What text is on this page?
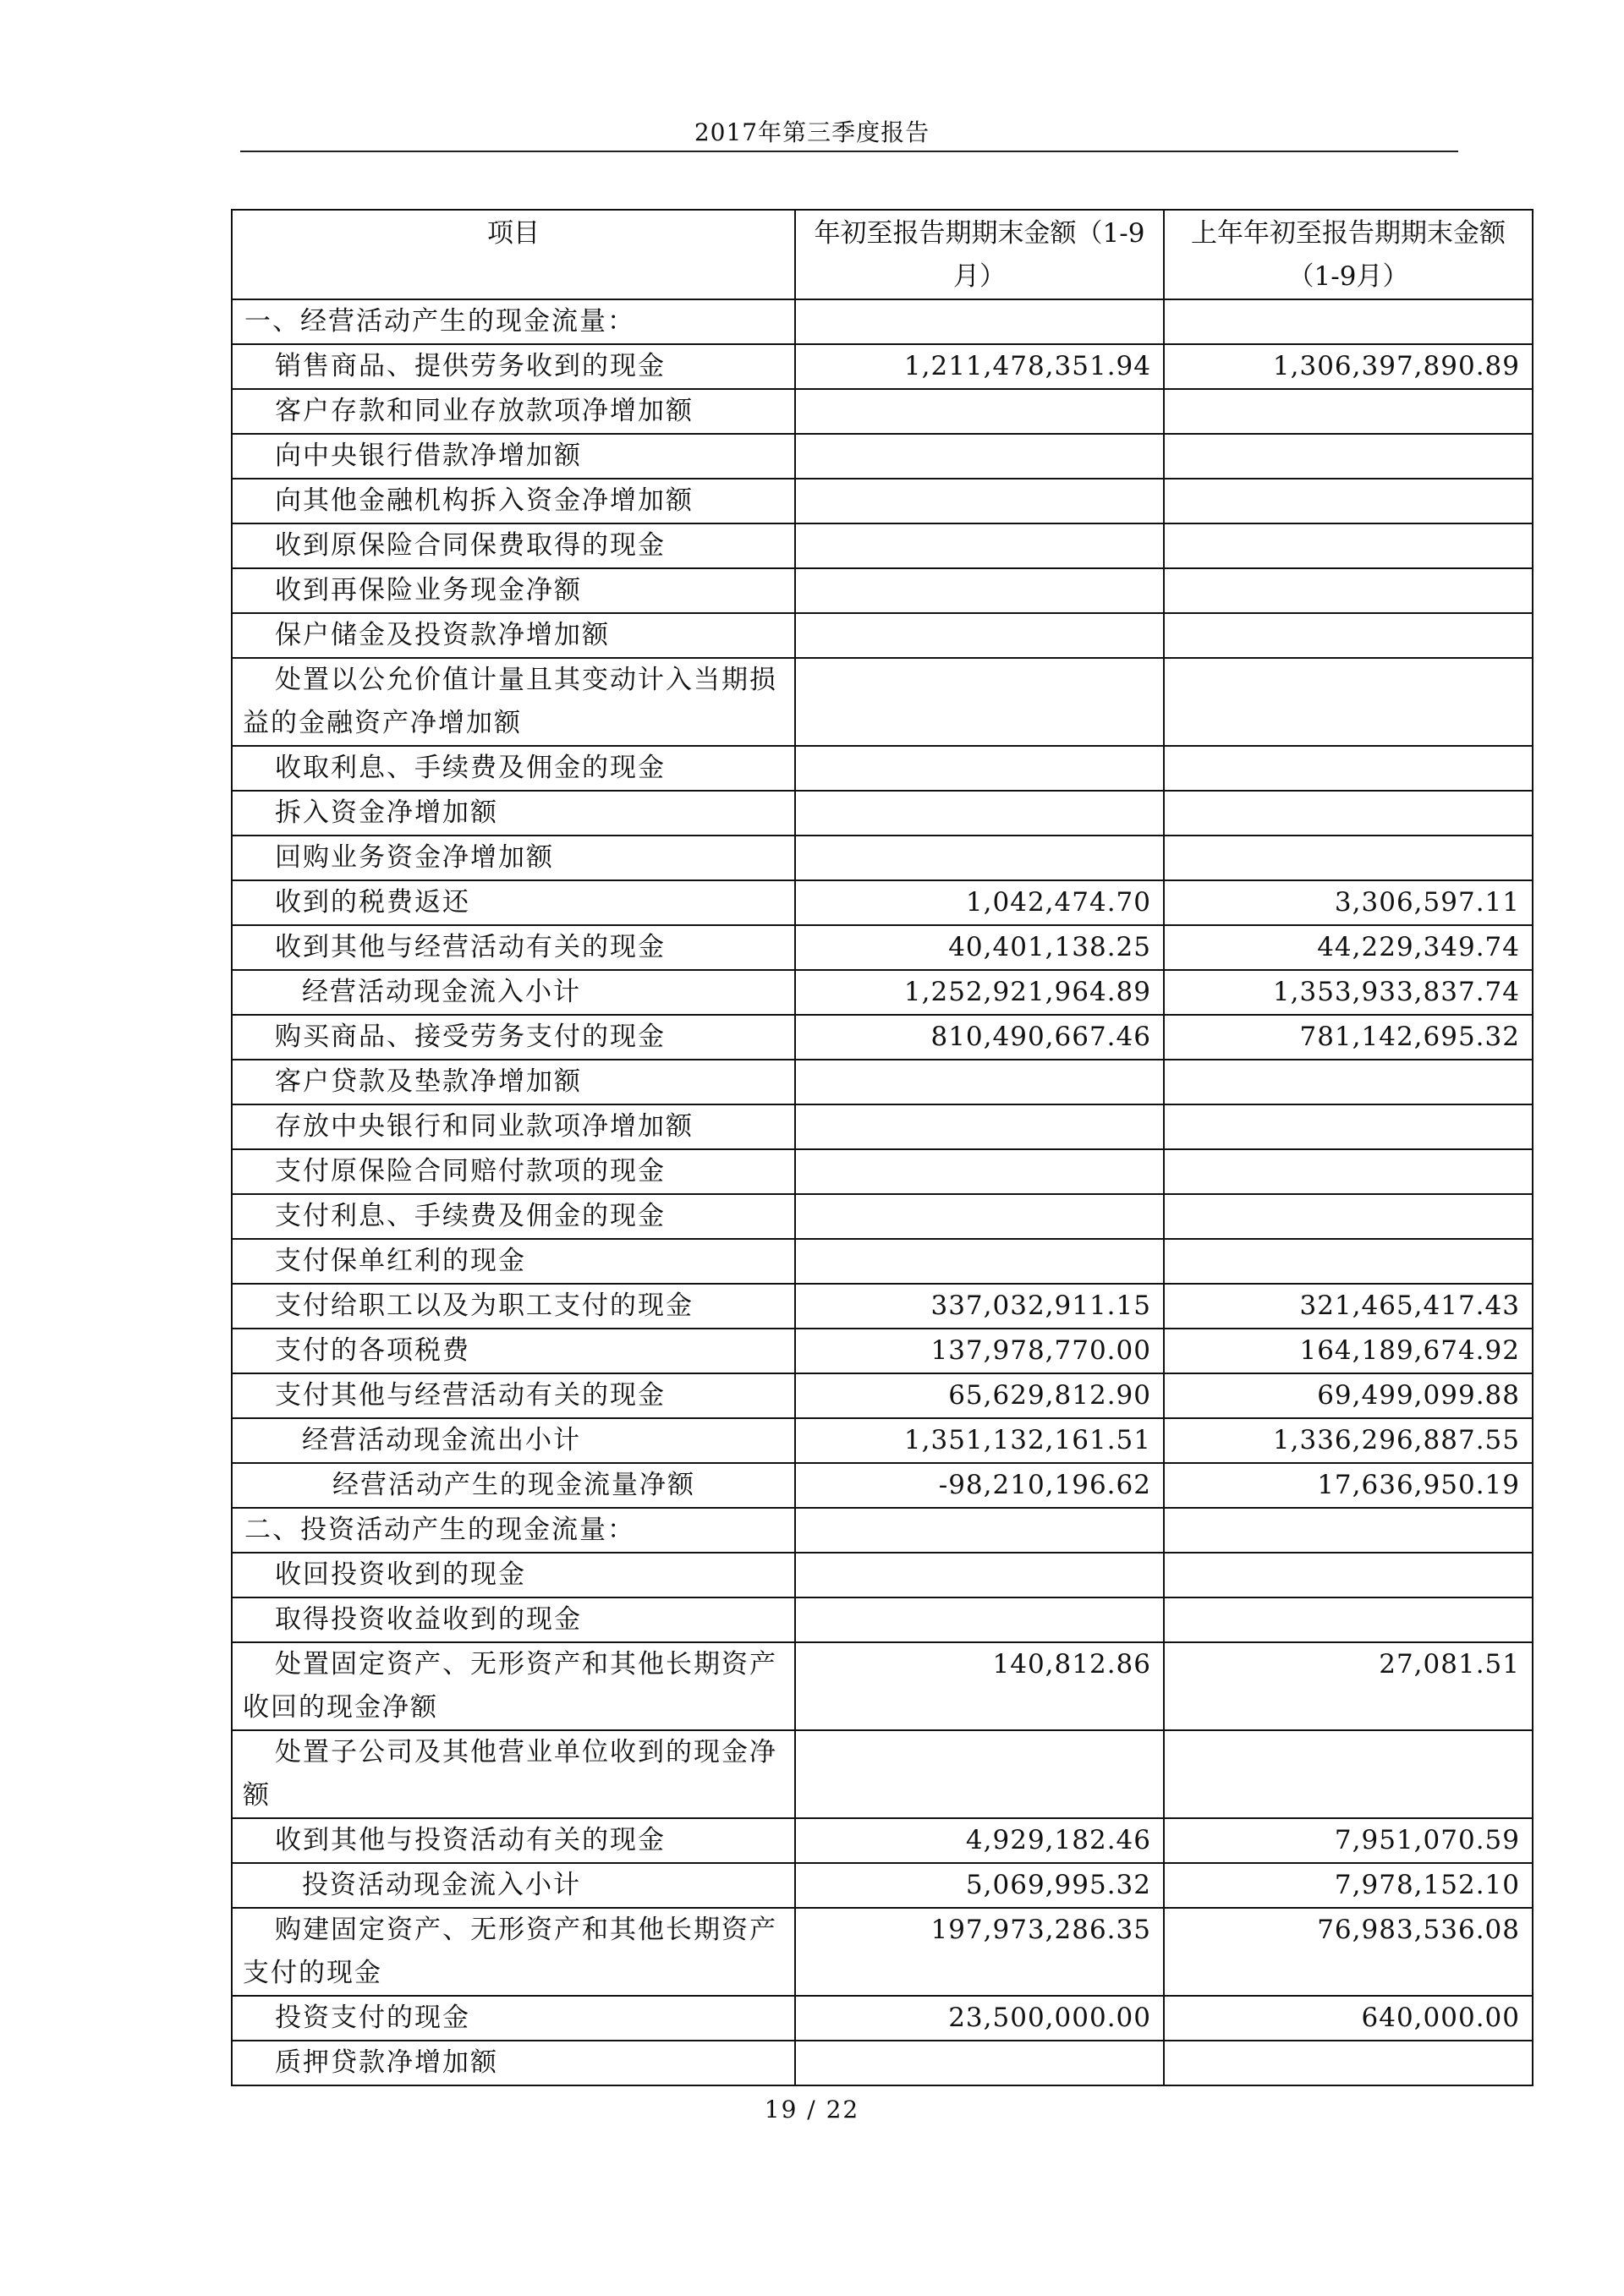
2017年第三季度报告
项目	年初至报告期期末金额（1-9月）	上年年初至报告期期末金额（1-9月）
一、经营活动产生的现金流量：		
销售商品、提供劳务收到的现金	1,211,478,351.94	1,306,397,890.89
客户存款和同业存放款项净增加额		
向中央银行借款净增加额		
向其他金融机构拆入资金净增加额		
收到原保险合同保费取得的现金		
收到再保险业务现金净额		
保户储金及投资款净增加额		
处置以公允价值计量且其变动计入当期损益的金融资产净增加额		
收取利息、手续费及佣金的现金		
拆入资金净增加额		
回购业务资金净增加额		
收到的税费返还	1,042,474.70	3,306,597.11
收到其他与经营活动有关的现金	40,401,138.25	44,229,349.74
经营活动现金流入小计	1,252,921,964.89	1,353,933,837.74
购买商品、接受劳务支付的现金	810,490,667.46	781,142,695.32
客户贷款及垫款净增加额		
存放中央银行和同业款项净增加额		
支付原保险合同赔付款项的现金		
支付利息、手续费及佣金的现金		
支付保单红利的现金		
支付给职工以及为职工支付的现金	337,032,911.15	321,465,417.43
支付的各项税费	137,978,770.00	164,189,674.92
支付其他与经营活动有关的现金	65,629,812.90	69,499,099.88
经营活动现金流出小计	1,351,132,161.51	1,336,296,887.55
经营活动产生的现金流量净额	-98,210,196.62	17,636,950.19
二、投资活动产生的现金流量：		
收回投资收到的现金		
取得投资收益收到的现金		
处置固定资产、无形资产和其他长期资产收回的现金净额	140,812.86	27,081.51
处置子公司及其他营业单位收到的现金净额		
收到其他与投资活动有关的现金	4,929,182.46	7,951,070.59
投资活动现金流入小计	5,069,995.32	7,978,152.10
购建固定资产、无形资产和其他长期资产支付的现金	197,973,286.35	76,983,536.08
投资支付的现金	23,500,000.00	640,000.00
质押贷款净增加额		
19 / 22
